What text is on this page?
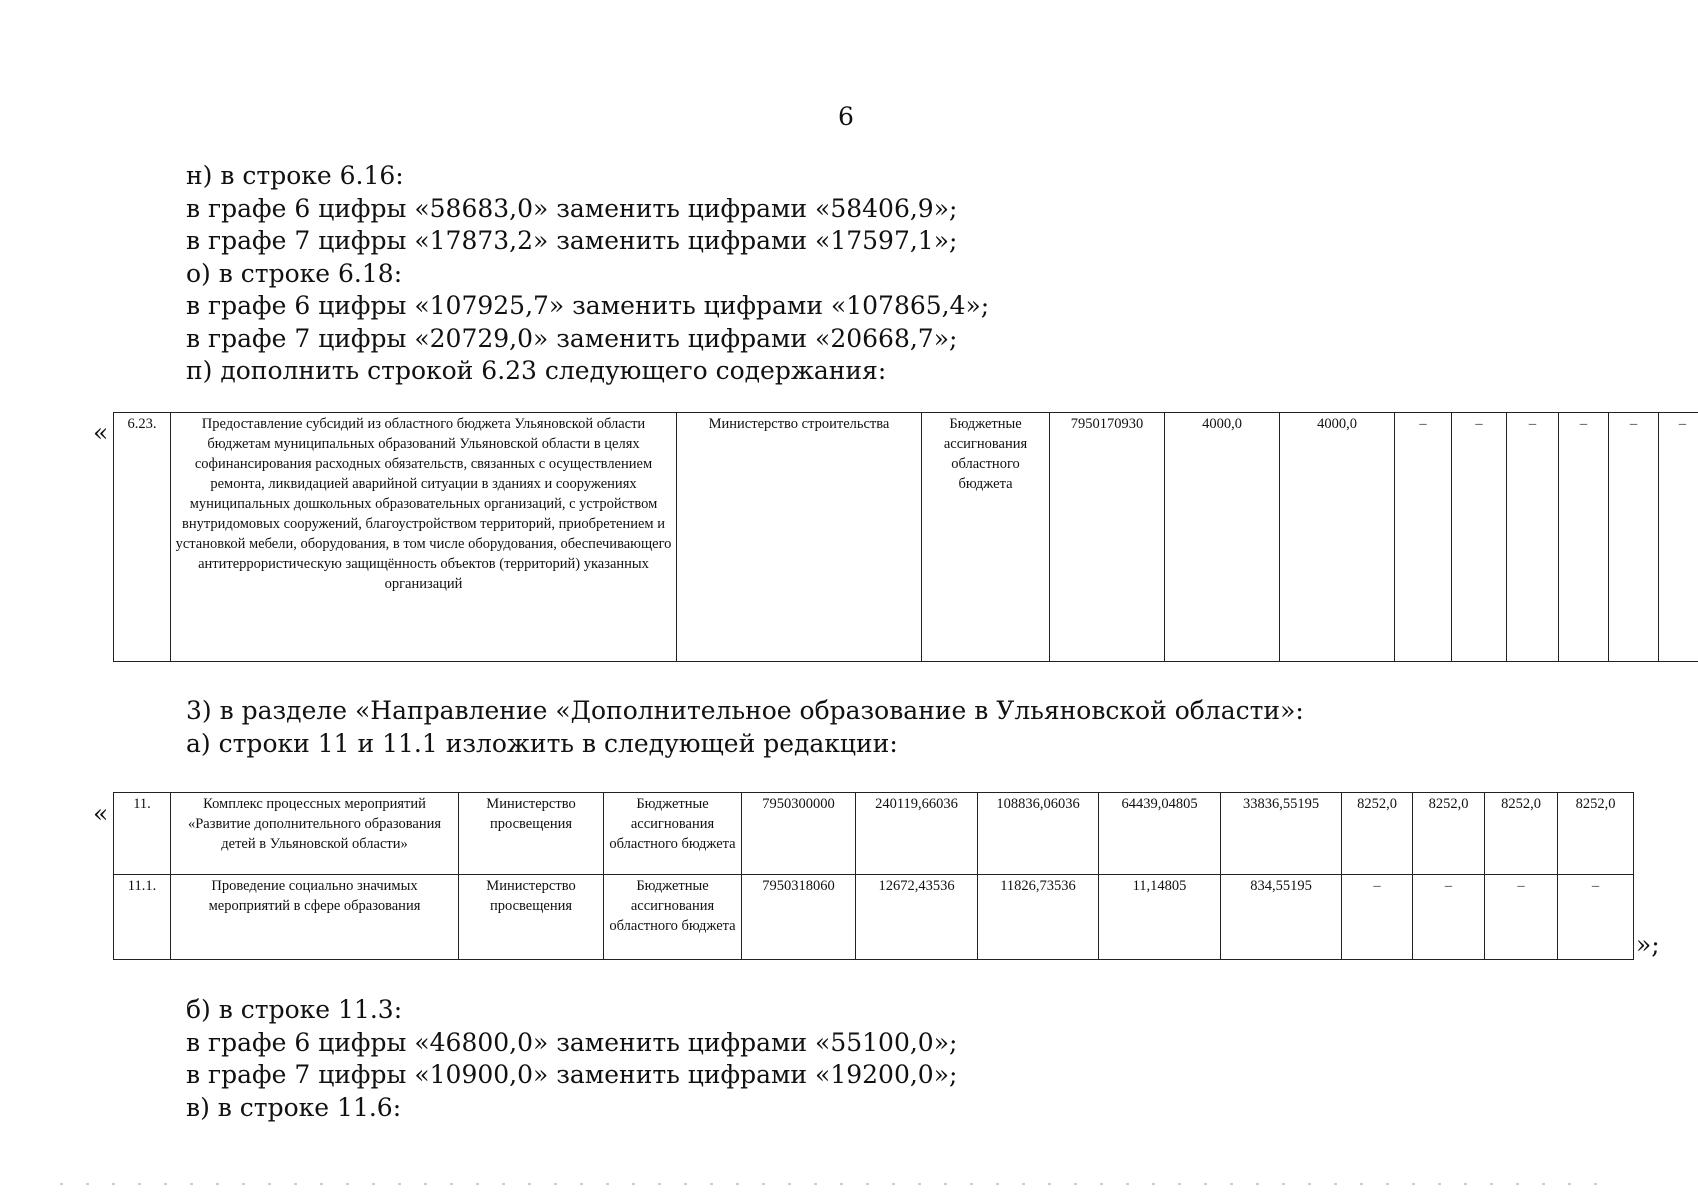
6
н) в строке 6.16:
в графе 6 цифры «58683,0» заменить цифрами «58406,9»;
в графе 7 цифры «17873,2» заменить цифрами «17597,1»;
о) в строке 6.18:
в графе 6 цифры «107925,7» заменить цифрами «107865,4»;
в графе 7 цифры «20729,0» заменить цифрами «20668,7»;
п) дополнить строкой 6.23 следующего содержания:
« 6.23.	Предоставление субсидий из областного бюджета Ульяновской области бюджетам муниципальных образований Ульяновской области в целях софинансирования расходных обязательств, связанных с осуществлением ремонта, ликвидацией аварийной ситуации в зданиях и сооружениях муниципальных дошкольных образовательных организаций, с устройством внутридомовых сооружений, благоустройством территорий, приобретением и установкой мебели, оборудования, в том числе оборудования, обеспечивающего антитеррористическую защищённость объектов (территорий) указанных организаций	Министерство строительства	Бюджетные ассигнования областного бюджета	7950170930	4000,0	4000,0	–	–	–	–	–	–
3) в разделе «Направление «Дополнительное образование в Ульяновской области»:
а) строки 11 и 11.1 изложить в следующей редакции:
« 11.	Комплекс процессных мероприятий «Развитие дополнительного образования детей в Ульяновской области»	Министерство просвещения	Бюджетные ассигнования областного бюджета	7950300000	240119,66036	108836,06036	64439,04805	33836,55195	8252,0	8252,0	8252,0	8252,0
11.1.	Проведение социально значимых мероприятий в сфере образования	Министерство просвещения	Бюджетные ассигнования областного бюджета	7950318060	12672,43536	11826,73536	11,14805	834,55195	–	–	–	–
»;
б) в строке 11.3:
в графе 6 цифры «46800,0» заменить цифрами «55100,0»;
в графе 7 цифры «10900,0» заменить цифрами «19200,0»;
в) в строке 11.6:
